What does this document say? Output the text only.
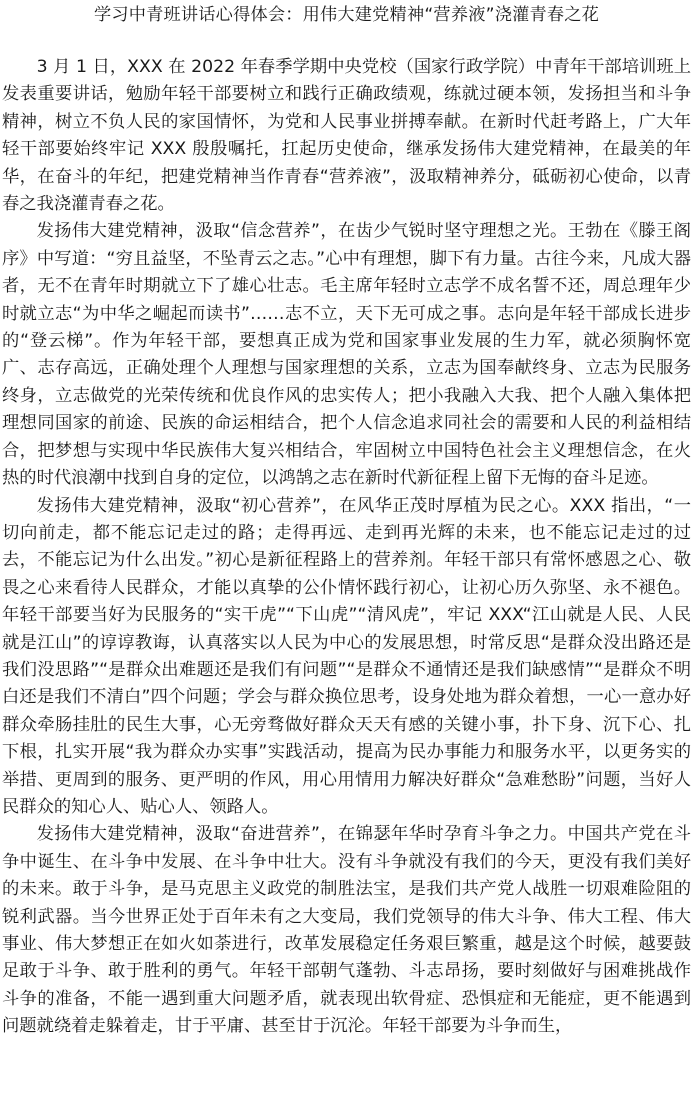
学习中青班讲话心得体会：用伟大建党精神“营养液”浇灌青春之花

3 月 1 日，XXX 在 2022 年春季学期中央党校（国家行政学院）中青年干部培训班上发表重要讲话，勉励年轻干部要树立和践行正确政绩观，练就过硬本领，发扬担当和斗争精神，树立不负人民的家国情怀，为党和人民事业拼搏奉献。在新时代赶考路上，广大年轻干部要始终牢记 XXX 殷殷嘱托，扛起历史使命，继承发扬伟大建党精神，在最美的年华，在奋斗的年纪，把建党精神当作青春“营养液”，汲取精神养分，砥砺初心使命，以青春之我浇灌青春之花。

发扬伟大建党精神，汲取“信念营养”，在齿少气锐时坚守理想之光。王勃在《滕王阁序》中写道：“穷且益坚，不坠青云之志。”心中有理想，脚下有力量。古往今来，凡成大器者，无不在青年时期就立下了雄心壮志。毛主席年轻时立志学不成名誓不还，周总理年少时就立志“为中华之崛起而读书”……志不立，天下无可成之事。志向是年轻干部成长进步的“登云梯”。作为年轻干部，要想真正成为党和国家事业发展的生力军，就必须胸怀宽广、志存高远，正确处理个人理想与国家理想的关系，立志为国奉献终身、立志为民服务终身，立志做党的光荣传统和优良作风的忠实传人；把小我融入大我、把个人融入集体把理想同国家的前途、民族的命运相结合，把个人信念追求同社会的需要和人民的利益相结合，把梦想与实现中华民族伟大复兴相结合，牢固树立中国特色社会主义理想信念，在火热的时代浪潮中找到自身的定位，以鸿鹄之志在新时代新征程上留下无悔的奋斗足迹。

发扬伟大建党精神，汲取“初心营养”，在风华正茂时厚植为民之心。XXX 指出，“一切向前走，都不能忘记走过的路；走得再远、走到再光辉的未来，也不能忘记走过的过去，不能忘记为什么出发。”初心是新征程路上的营养剂。年轻干部只有常怀感恩之心、敬畏之心来看待人民群众，才能以真挚的公仆情怀践行初心，让初心历久弥坚、永不褪色。年轻干部要当好为民服务的“实干虎”“下山虎”“清风虎”，牢记 XXX“江山就是人民、人民就是江山”的谆谆教诲，认真落实以人民为中心的发展思想，时常反思“是群众没出路还是我们没思路”“是群众出难题还是我们有问题”“是群众不通情还是我们缺感情”“是群众不明白还是我们不清白”四个问题；学会与群众换位思考，设身处地为群众着想，一心一意办好群众牵肠挂肚的民生大事，心无旁骛做好群众天天有感的关键小事，扑下身、沉下心、扎下根，扎实开展“我为群众办实事”实践活动，提高为民办事能力和服务水平，以更务实的举措、更周到的服务、更严明的作风，用心用情用力解决好群众“急难愁盼”问题，当好人民群众的知心人、贴心人、领路人。

发扬伟大建党精神，汲取“奋进营养”，在锦瑟年华时孕育斗争之力。中国共产党在斗争中诞生、在斗争中发展、在斗争中壮大。没有斗争就没有我们的今天，更没有我们美好的未来。敢于斗争，是马克思主义政党的制胜法宝，是我们共产党人战胜一切艰难险阻的锐利武器。当今世界正处于百年未有之大变局，我们党领导的伟大斗争、伟大工程、伟大事业、伟大梦想正在如火如荼进行，改革发展稳定任务艰巨繁重，越是这个时候，越要鼓足敢于斗争、敢于胜利的勇气。年轻干部朝气蓬勃、斗志昂扬，要时刻做好与困难挑战作斗争的准备，不能一遇到重大问题矛盾，就表现出软骨症、恐惧症和无能症，更不能遇到问题就绕着走躲着走，甘于平庸、甚至甘于沉沦。年轻干部要为斗争而生，
